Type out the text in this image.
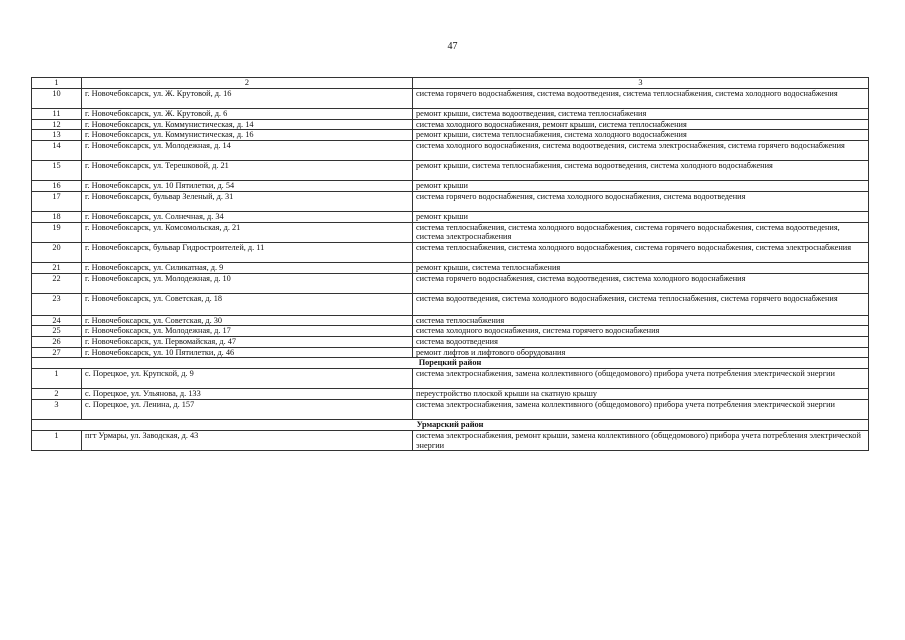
47
1	2	3
10	г. Новочебоксарск, ул. Ж. Крутовой, д. 16	система горячего водоснабжения, система водоотведения, система теплоснабжения, система холодного водоснабжения
11	г. Новочебоксарск, ул. Ж. Крутовой, д. 6	ремонт крыши, система водоотведения, система теплоснабжения
12	г. Новочебоксарск, ул. Коммунистическая, д. 14	система холодного водоснабжения, ремонт крыши, система теплоснабжения
13	г. Новочебоксарск, ул. Коммунистическая, д. 16	ремонт крыши, система теплоснабжения, система холодного водоснабжения
14	г. Новочебоксарск, ул. Молодежная, д. 14	система холодного водоснабжения, система водоотведения, система электроснабжения, система горячего водоснабжения
15	г. Новочебоксарск, ул. Терешковой, д. 21	ремонт крыши, система теплоснабжения, система водоотведения, система холодного водоснабжения
16	г. Новочебоксарск, ул. 10 Пятилетки, д. 54	ремонт крыши
17	г. Новочебоксарск, бульвар Зеленый, д. 31	система горячего водоснабжения, система холодного водоснабжения, система водоотведения
18	г. Новочебоксарск, ул. Солнечная, д. 34	ремонт крыши
19	г. Новочебоксарск, ул. Комсомольская, д. 21	система теплоснабжения, система холодного водоснабжения, система горячего водоснабжения, система водоотведения, система электроснабжения
20	г. Новочебоксарск, бульвар Гидростроителей, д. 11	система теплоснабжения, система холодного водоснабжения, система горячего водоснабжения, система электроснабжения
21	г. Новочебоксарск, ул. Силикатная, д. 9	ремонт крыши, система теплоснабжения
22	г. Новочебоксарск, ул. Молодежная, д. 10	система горячего водоснабжения, система водоотведения, система холодного водоснабжения
23	г. Новочебоксарск, ул. Советская, д. 18	система водоотведения, система холодного водоснабжения, система теплоснабжения, система горячего водоснабжения
24	г. Новочебоксарск, ул. Советская, д. 30	система теплоснабжения
25	г. Новочебоксарск, ул. Молодежная, д. 17	система холодного водоснабжения, система горячего водоснабжения
26	г. Новочебоксарск, ул. Первомайская, д. 47	система водоотведения
27	г. Новочебоксарск, ул. 10 Пятилетки, д. 46	ремонт лифтов и лифтового оборудования
Порецкий район		
1	с. Порецкое, ул. Крупской, д. 9	система электроснабжения, замена коллективного (общедомового) прибора учета потребления электрической энергии
2	с. Порецкое, ул. Ульянова, д. 133	переустройство плоской крыши на скатную крышу
3	с. Порецкое, ул. Ленина, д. 157	система электроснабжения, замена коллективного (общедомового) прибора учета потребления электрической энергии
Урмарский район		
1	пгт Урмары, ул. Заводская, д. 43	система электроснабжения, ремонт крыши, замена коллективного (общедомового) прибора учета потребления электрической энергии
